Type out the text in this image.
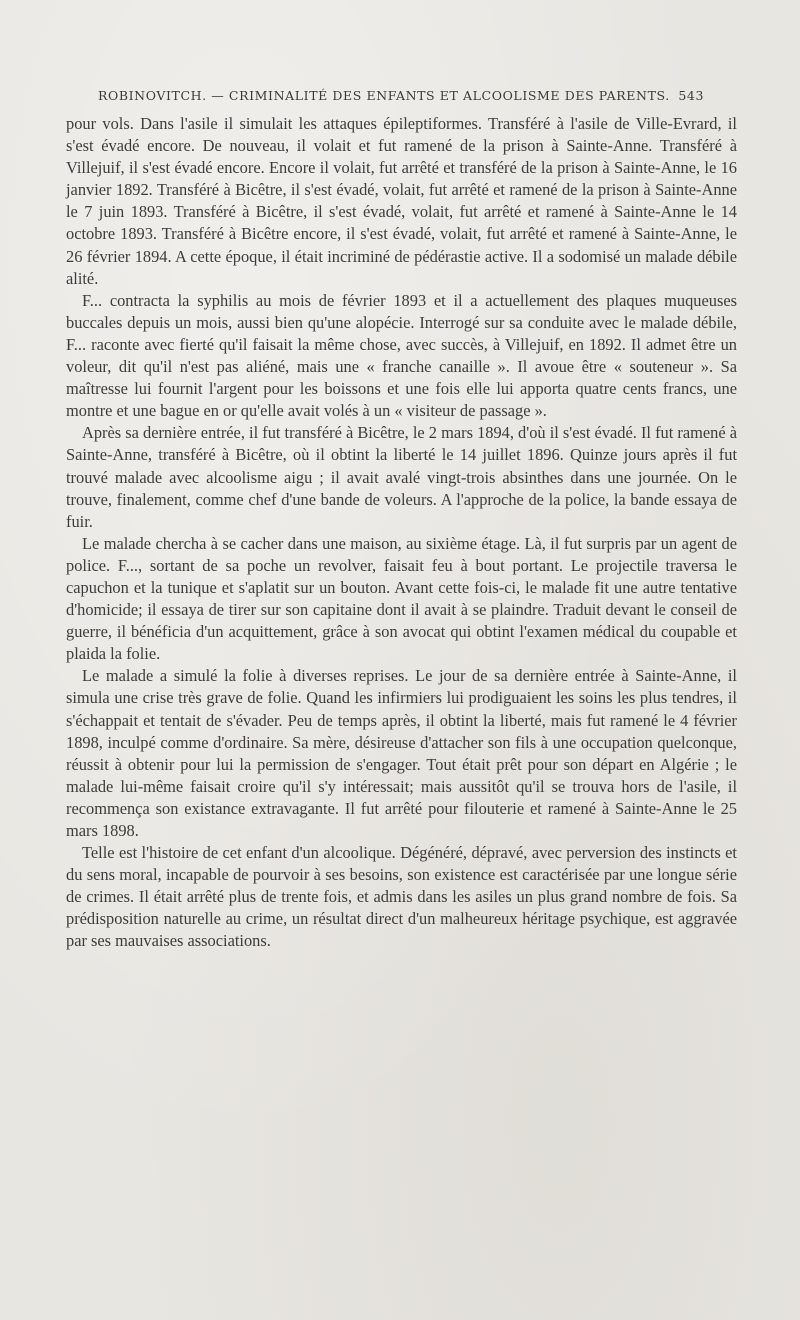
ROBINOVITCH. — CRIMINALITÉ DES ENFANTS ET ALCOOLISME DES PARENTS. 543

pour vols. Dans l'asile il simulait les attaques épileptiformes. Transféré à l'asile de Ville-Evrard, il s'est évadé encore. De nouveau, il volait et fut ramené de la prison à Sainte-Anne. Transféré à Villejuif, il s'est évadé encore. Encore il volait, fut arrêté et transféré de la prison à Sainte-Anne, le 16 janvier 1892. Transféré à Bicêtre, il s'est évadé, volait, fut arrêté et ramené de la prison à Sainte-Anne le 7 juin 1893. Transféré à Bicêtre, il s'est évadé, volait, fut arrêté et ramené à Sainte-Anne le 14 octobre 1893. Transféré à Bicêtre encore, il s'est évadé, volait, fut arrêté et ramené à Sainte-Anne, le 26 février 1894. A cette époque, il était incriminé de pédérastie active. Il a sodomisé un malade débile alité.

F... contracta la syphilis au mois de février 1893 et il a actuellement des plaques muqueuses buccales depuis un mois, aussi bien qu'une alopécie. Interrogé sur sa conduite avec le malade débile, F... raconte avec fierté qu'il faisait la même chose, avec succès, à Villejuif, en 1892. Il admet être un voleur, dit qu'il n'est pas aliéné, mais une « franche canaille ». Il avoue être « souteneur ». Sa maîtresse lui fournit l'argent pour les boissons et une fois elle lui apporta quatre cents francs, une montre et une bague en or qu'elle avait volés à un « visiteur de passage ».

Après sa dernière entrée, il fut transféré à Bicêtre, le 2 mars 1894, d'où il s'est évadé. Il fut ramené à Sainte-Anne, transféré à Bicêtre, où il obtint la liberté le 14 juillet 1896. Quinze jours après il fut trouvé malade avec alcoolisme aigu ; il avait avalé vingt-trois absinthes dans une journée. On le trouve, finalement, comme chef d'une bande de voleurs. A l'approche de la police, la bande essaya de fuir.

Le malade chercha à se cacher dans une maison, au sixième étage. Là, il fut surpris par un agent de police. F..., sortant de sa poche un revolver, faisait feu à bout portant. Le projectile traversa le capuchon et la tunique et s'aplatit sur un bouton. Avant cette fois-ci, le malade fit une autre tentative d'homicide; il essaya de tirer sur son capitaine dont il avait à se plaindre. Traduit devant le conseil de guerre, il bénéficia d'un acquittement, grâce à son avocat qui obtint l'examen médical du coupable et plaida la folie.

Le malade a simulé la folie à diverses reprises. Le jour de sa dernière entrée à Sainte-Anne, il simula une crise très grave de folie. Quand les infirmiers lui prodiguaient les soins les plus tendres, il s'échappait et tentait de s'évader. Peu de temps après, il obtint la liberté, mais fut ramené le 4 février 1898, inculpé comme d'ordinaire. Sa mère, désireuse d'attacher son fils à une occupation quelconque, réussit à obtenir pour lui la permission de s'engager. Tout était prêt pour son départ en Algérie ; le malade lui-même faisait croire qu'il s'y intéressait; mais aussitôt qu'il se trouva hors de l'asile, il recommença son existance extravagante. Il fut arrêté pour filouterie et ramené à Sainte-Anne le 25 mars 1898.

Telle est l'histoire de cet enfant d'un alcoolique. Dégénéré, dépravé, avec perversion des instincts et du sens moral, incapable de pourvoir à ses besoins, son existence est caractérisée par une longue série de crimes. Il était arrêté plus de trente fois, et admis dans les asiles un plus grand nombre de fois. Sa prédisposition naturelle au crime, un résultat direct d'un malheureux héritage psychique, est aggravée par ses mauvaises associations.
